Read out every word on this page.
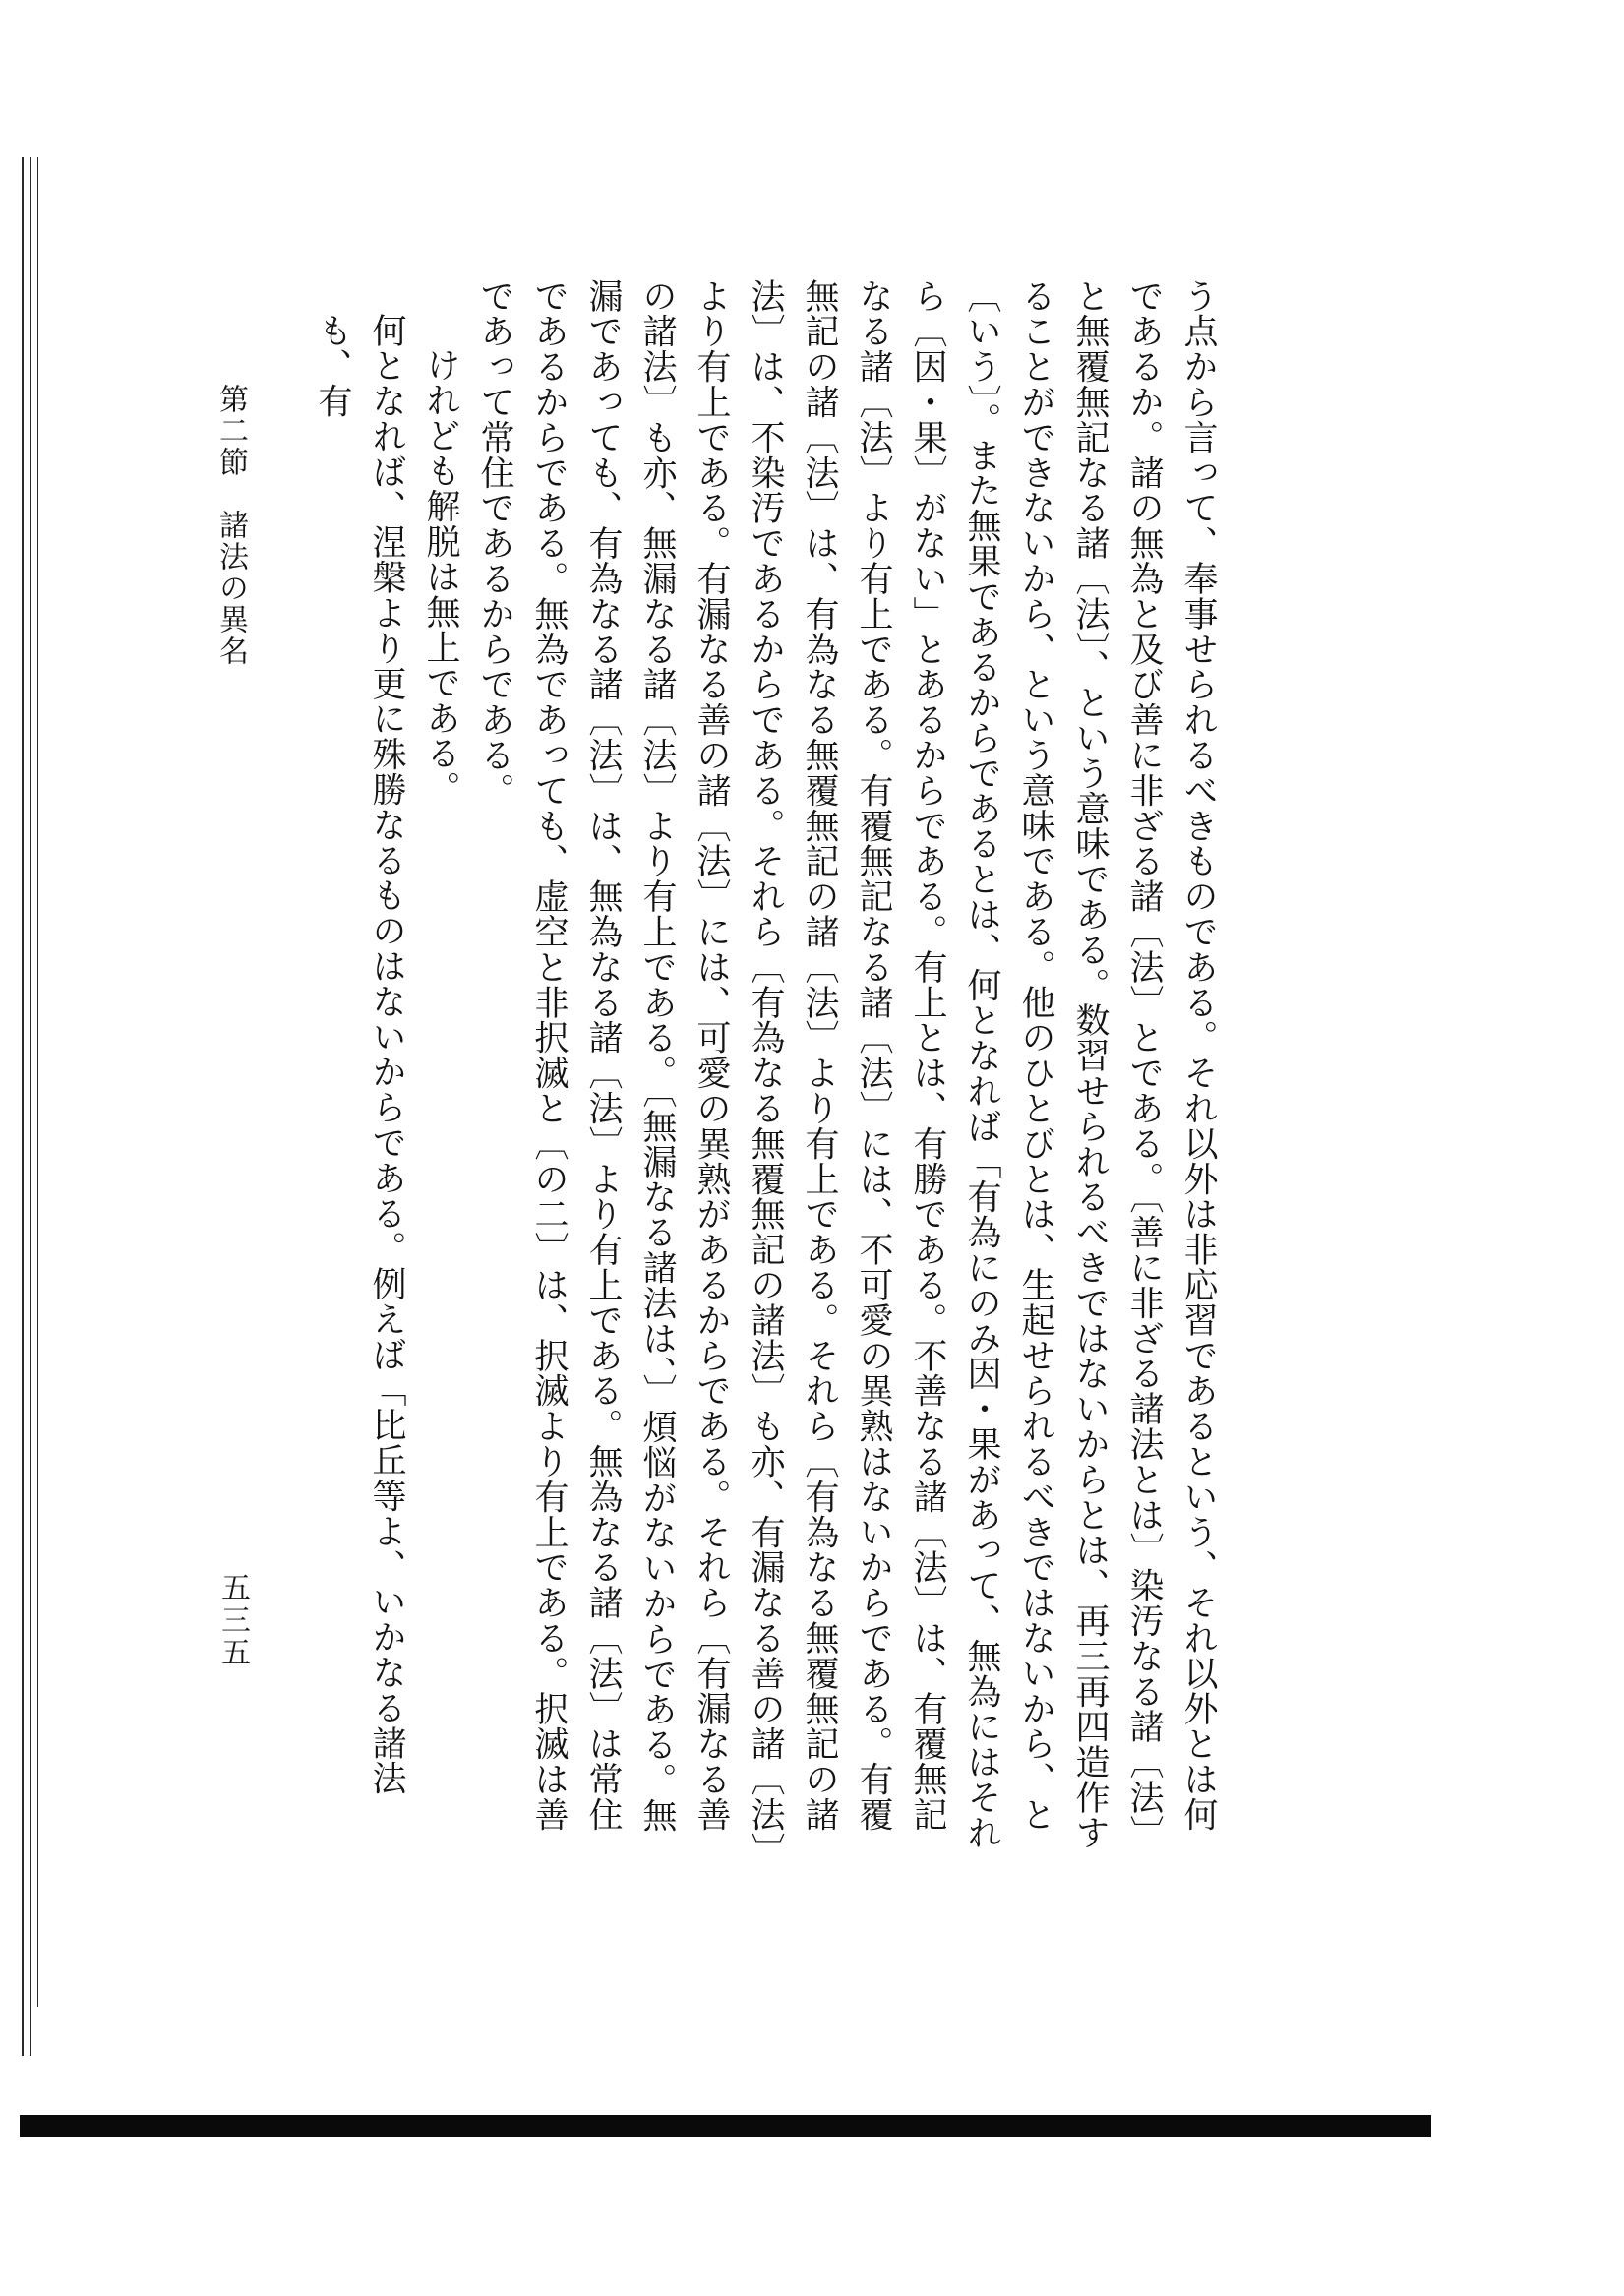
う点から言って、奉事せられるべきものである。それ以外は非応習であるという、それ以外とは何であるか。諸の無為と及び善に非ざる諸〔法〕とである。〔善に非ざる諸法とは〕染汚なる諸〔法〕と無覆無記なる諸〔法〕、という意味である。数習せられるべきではないからとは、再三再四造作することができないから、という意味である。他のひとびとは、生起せられるべきではないから、と〔いう〕。また無果であるからであるとは、何となれば「有為にのみ因・果があって、無為にはそれら〔因・果〕がない」とあるからである。有上とは、有勝である。不善なる諸〔法〕は、有覆無記なる諸〔法〕より有上である。有覆無記なる諸〔法〕には、不可愛の異熟はないからである。有覆無記の諸〔法〕は、有為なる無覆無記の諸〔法〕より有上である。それら〔有為なる無覆無記の諸法〕は、不染汚であるからである。それら〔有為なる無覆無記の諸法〕も亦、有漏なる善の諸〔法〕より有上である。有漏なる善の諸〔法〕には、可愛の異熟があるからである。それら〔有漏なる善の諸法〕も亦、無漏なる諸〔法〕より有上である。〔無漏なる諸法は、〕煩悩がないからである。無漏であっても、有為なる諸〔法〕は、無為なる諸〔法〕より有上である。無為なる諸〔法〕は常住であるからである。無為であっても、虚空と非択滅と〔の二〕は、択滅より有上である。択滅は善であって常住であるからである。

けれども解脱は無上である。

何となれば、涅槃より更に殊勝なるものはないからである。例えば「比丘等よ、いかなる諸法も、有

第二節　諸法の異名
五三五
